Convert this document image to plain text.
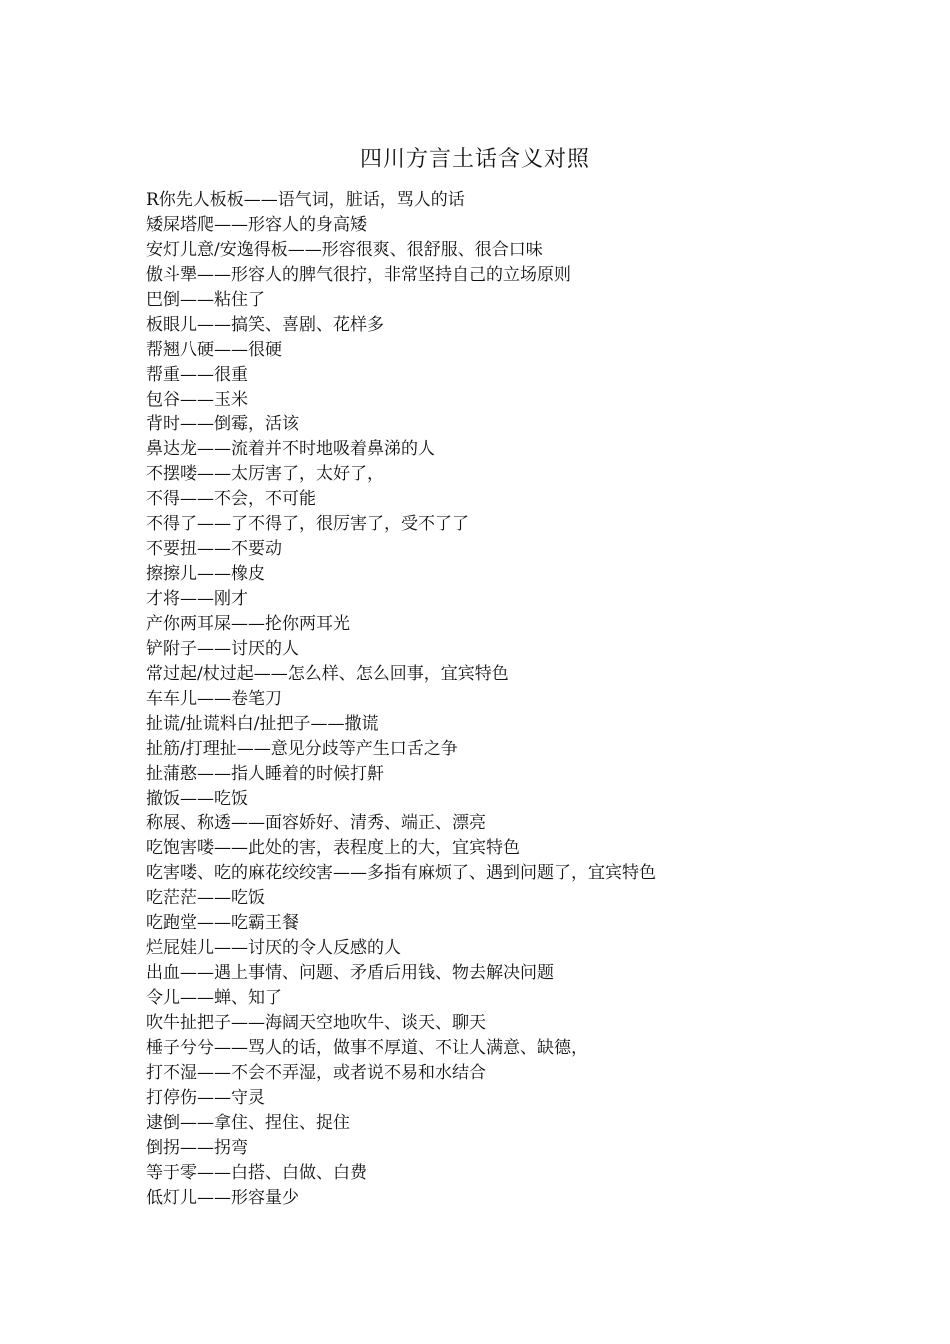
四川方言土话含义对照
R你先人板板——语气词，脏话，骂人的话
矮屎塔爬——形容人的身高矮
安灯儿意/安逸得板——形容很爽、很舒服、很合口味
傲斗犟——形容人的脾气很拧，非常坚持自己的立场原则
巴倒——粘住了
板眼儿——搞笑、喜剧、花样多
帮翘八硬——很硬
帮重——很重
包谷——玉米
背时——倒霉，活该
鼻达龙——流着并不时地吸着鼻涕的人
不摆喽——太厉害了，太好了，
不得——不会，不可能
不得了——了不得了，很厉害了，受不了了
不要扭——不要动
擦擦儿——橡皮
才将——刚才
产你两耳屎——抡你两耳光
铲附子——讨厌的人
常过起/杖过起——怎么样、怎么回事，宜宾特色
车车儿——卷笔刀
扯谎/扯谎料白/扯把子——撒谎
扯筋/打理扯——意见分歧等产生口舌之争
扯蒲憨——指人睡着的时候打鼾
撤饭——吃饭
称展、称透——面容娇好、清秀、端正、漂亮
吃饱害喽——此处的害，表程度上的大，宜宾特色
吃害喽、吃的麻花绞绞害——多指有麻烦了、遇到问题了，宜宾特色
吃茫茫——吃饭
吃跑堂——吃霸王餐
烂屁娃儿——讨厌的令人反感的人
出血——遇上事情、问题、矛盾后用钱、物去解决问题
令儿——蝉、知了
吹牛扯把子——海阔天空地吹牛、谈天、聊天
棰子兮兮——骂人的话，做事不厚道、不让人满意、缺德，
打不湿——不会不弄湿，或者说不易和水结合
打停伤——守灵
逮倒——拿住、捏住、捉住
倒拐——拐弯
等于零——白搭、白做、白费
低灯儿——形容量少
